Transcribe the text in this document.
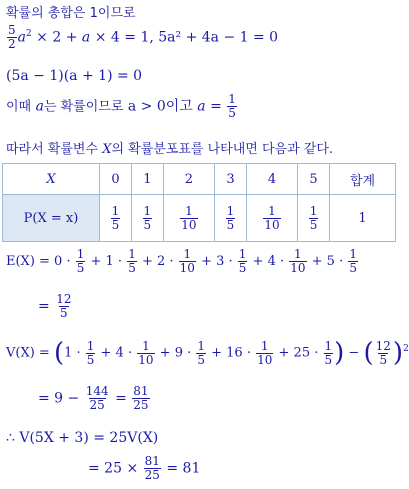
확률의 총합은 1이므로
$\frac{5}{2} a^2 \times 2 + a \times 4 = 1$, 5a² + 4a − 1 = 0
(5a − 1)(a + 1) = 0
이때 a는 확률이므로 a > 0이고 $a = \frac{1}{5}$
따라서 확률변수 X의 확률분포표를 나타내면 다음과 같다.
X	0	1	2	3	4	5	합계
P(X = x)	$\frac{1}{5}$	$\frac{1}{5}$	$\frac{1}{10}$	$\frac{1}{5}$	$\frac{1}{10}$	$\frac{1}{5}$	1
$E(X) = 0 \cdot \frac{1}{5} + 1 \cdot \frac{1}{5} + 2 \cdot \frac{1}{10} + 3 \cdot \frac{1}{5} + 4 \cdot \frac{1}{10} + 5 \cdot \frac{1}{5}$
= $\frac{12}{5}$
$V(X) = (1 \cdot \frac{1}{5} + 4 \cdot \frac{1}{10} + 9 \cdot \frac{1}{5} + 16 \cdot \frac{1}{10} + 25 \cdot \frac{1}{5}$ ) − ( $\frac{12}{5} )^2$
= $9 - \frac{144}{25} = \frac{81}{25}$
∴ V(5X + 3) = 25V(X)
= $25 \times \frac{81}{25} = 81$
